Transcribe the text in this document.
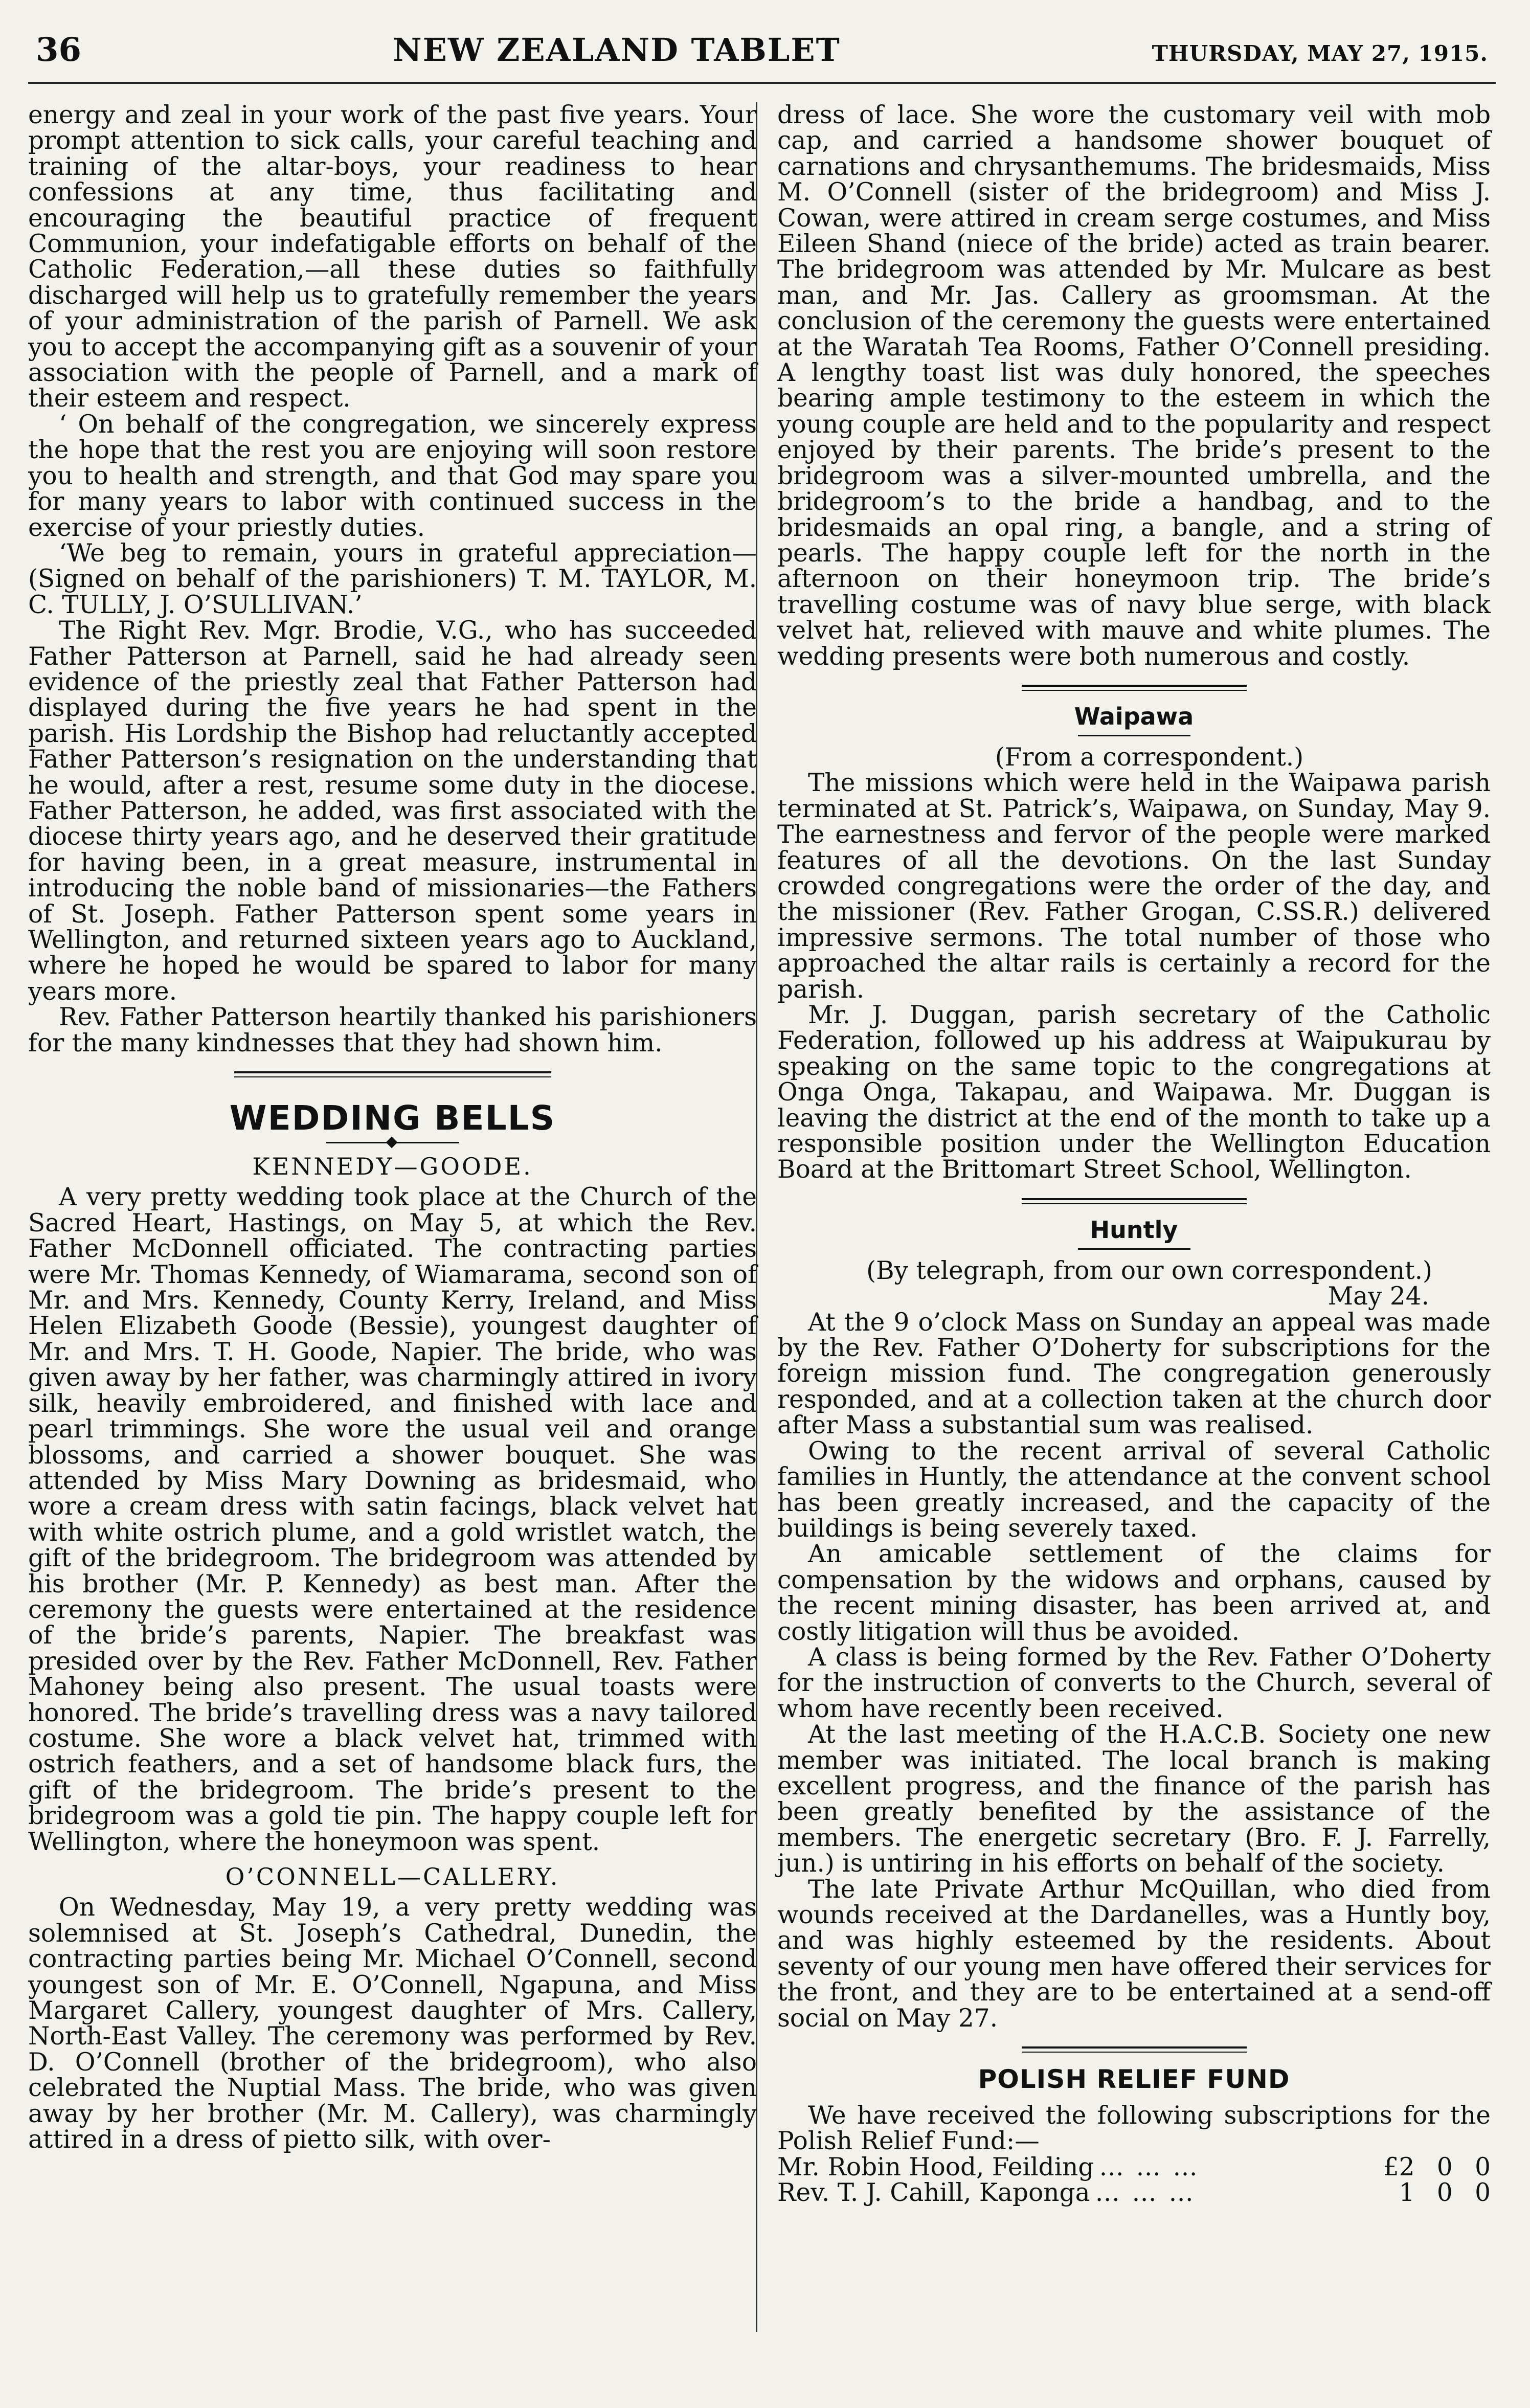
36	NEW ZEALAND TABLET	THURSDAY, MAY 27, 1915.

energy and zeal in your work of the past five years. Your prompt attention to sick calls, your careful teaching and training of the altar-boys, your readiness to hear confessions at any time, thus facilitating and encouraging the beautiful practice of frequent Communion, your indefatigable efforts on behalf of the Catholic Federation,—all these duties so faithfully discharged will help us to gratefully remember the years of your administration of the parish of Parnell. We ask you to accept the accompanying gift as a souvenir of your association with the people of Parnell, and a mark of their esteem and respect.

‘ On behalf of the congregation, we sincerely express the hope that the rest you are enjoying will soon restore you to health and strength, and that God may spare you for many years to labor with continued success in the exercise of your priestly duties.

‘We beg to remain, yours in grateful appreciation— (Signed on behalf of the parishioners) T. M. TAYLOR, M. C. TULLY, J. O’SULLIVAN.’

The Right Rev. Mgr. Brodie, V.G., who has succeeded Father Patterson at Parnell, said he had already seen evidence of the priestly zeal that Father Patterson had displayed during the five years he had spent in the parish. His Lordship the Bishop had reluctantly accepted Father Patterson’s resignation on the understanding that he would, after a rest, resume some duty in the diocese. Father Patterson, he added, was first associated with the diocese thirty years ago, and he deserved their gratitude for having been, in a great measure, instrumental in introducing the noble band of missionaries—the Fathers of St. Joseph. Father Patterson spent some years in Wellington, and returned sixteen years ago to Auckland, where he hoped he would be spared to labor for many years more.

Rev. Father Patterson heartily thanked his parishioners for the many kindnesses that they had shown him.

WEDDING BELLS
KENNEDY—GOODE.

A very pretty wedding took place at the Church of the Sacred Heart, Hastings, on May 5, at which the Rev. Father McDonnell officiated. The contracting parties were Mr. Thomas Kennedy, of Wiamarama, second son of Mr. and Mrs. Kennedy, County Kerry, Ireland, and Miss Helen Elizabeth Goode (Bessie), youngest daughter of Mr. and Mrs. T. H. Goode, Napier. The bride, who was given away by her father, was charmingly attired in ivory silk, heavily embroidered, and finished with lace and pearl trimmings. She wore the usual veil and orange blossoms, and carried a shower bouquet. She was attended by Miss Mary Downing as bridesmaid, who wore a cream dress with satin facings, black velvet hat with white ostrich plume, and a gold wristlet watch, the gift of the bridegroom. The bridegroom was attended by his brother (Mr. P. Kennedy) as best man. After the ceremony the guests were entertained at the residence of the bride’s parents, Napier. The breakfast was presided over by the Rev. Father McDonnell, Rev. Father Mahoney being also present. The usual toasts were honored. The bride’s travelling dress was a navy tailored costume. She wore a black velvet hat, trimmed with ostrich feathers, and a set of handsome black furs, the gift of the bridegroom. The bride’s present to the bridegroom was a gold tie pin. The happy couple left for Wellington, where the honeymoon was spent.

O’CONNELL—CALLERY.

On Wednesday, May 19, a very pretty wedding was solemnised at St. Joseph’s Cathedral, Dunedin, the contracting parties being Mr. Michael O’Connell, second youngest son of Mr. E. O’Connell, Ngapuna, and Miss Margaret Callery, youngest daughter of Mrs. Callery, North-East Valley. The ceremony was performed by Rev. D. O’Connell (brother of the bridegroom), who also celebrated the Nuptial Mass. The bride, who was given away by her brother (Mr. M. Callery), was charmingly attired in a dress of pietto silk, with over-

dress of lace. She wore the customary veil with mob cap, and carried a handsome shower bouquet of carnations and chrysanthemums. The bridesmaids, Miss M. O’Connell (sister of the bridegroom) and Miss J. Cowan, were attired in cream serge costumes, and Miss Eileen Shand (niece of the bride) acted as train bearer. The bridegroom was attended by Mr. Mulcare as best man, and Mr. Jas. Callery as groomsman. At the conclusion of the ceremony the guests were entertained at the Waratah Tea Rooms, Father O’Connell presiding. A lengthy toast list was duly honored, the speeches bearing ample testimony to the esteem in which the young couple are held and to the popularity and respect enjoyed by their parents. The bride’s present to the bridegroom was a silver-mounted umbrella, and the bridegroom’s to the bride a handbag, and to the bridesmaids an opal ring, a bangle, and a string of pearls. The happy couple left for the north in the afternoon on their honeymoon trip. The bride’s travelling costume was of navy blue serge, with black velvet hat, relieved with mauve and white plumes. The wedding presents were both numerous and costly.

Waipawa

(From a correspondent.)

The missions which were held in the Waipawa parish terminated at St. Patrick’s, Waipawa, on Sunday, May 9. The earnestness and fervor of the people were marked features of all the devotions. On the last Sunday crowded congregations were the order of the day, and the missioner (Rev. Father Grogan, C.SS.R.) delivered impressive sermons. The total number of those who approached the altar rails is certainly a record for the parish.

Mr. J. Duggan, parish secretary of the Catholic Federation, followed up his address at Waipukurau by speaking on the same topic to the congregations at Onga Onga, Takapau, and Waipawa. Mr. Duggan is leaving the district at the end of the month to take up a responsible position under the Wellington Education Board at the Brittomart Street School, Wellington.

Huntly

(By telegraph, from our own correspondent.)

May 24.

At the 9 o’clock Mass on Sunday an appeal was made by the Rev. Father O’Doherty for subscriptions for the foreign mission fund. The congregation generously responded, and at a collection taken at the church door after Mass a substantial sum was realised.

Owing to the recent arrival of several Catholic families in Huntly, the attendance at the convent school has been greatly increased, and the capacity of the buildings is being severely taxed.

An amicable settlement of the claims for compensation by the widows and orphans, caused by the recent mining disaster, has been arrived at, and costly litigation will thus be avoided.

A class is being formed by the Rev. Father O’Doherty for the instruction of converts to the Church, several of whom have recently been received.

At the last meeting of the H.A.C.B. Society one new member was initiated. The local branch is making excellent progress, and the finance of the parish has been greatly benefited by the assistance of the members. The energetic secretary (Bro. F. J. Farrelly, jun.) is untiring in his efforts on behalf of the society.

The late Private Arthur McQuillan, who died from wounds received at the Dardanelles, was a Huntly boy, and was highly esteemed by the residents. About seventy of our young men have offered their services for the front, and they are to be entertained at a send-off social on May 27.

POLISH RELIEF FUND

We have received the following subscriptions for the Polish Relief Fund:—

Mr. Robin Hood, Feilding … … …	£2 0 0
Rev. T. J. Cahill, Kaponga … … …	1 0 0
